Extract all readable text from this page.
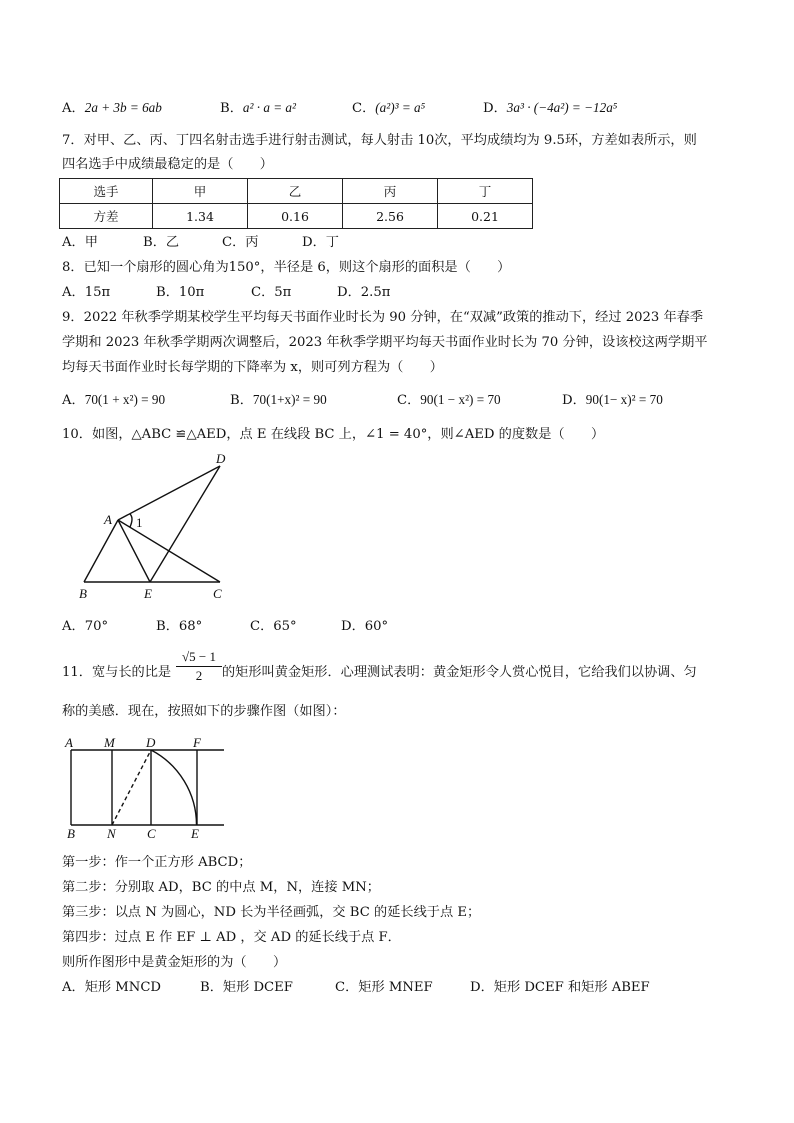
A．2a + 3b = 6ab	B．a² · a = a²	C．(a²)³ = a⁵	D．3a³ · (−4a²) = −12a⁵
7．对甲、乙、丙、丁四名射击选手进行射击测试，每人射击 10次，平均成绩均为 9.5环，方差如表所示，则
四名选手中成绩最稳定的是（　　）
选手	甲	乙	丙	丁
方差	1.34	0.16	2.56	0.21
A．甲	B．乙	C．丙	D．丁
8．已知一个扇形的圆心角为150°，半径是 6，则这个扇形的面积是（　　）
A．15π	B．10π	C．5π	D．2.5π
9．2022 年秋季学期某校学生平均每天书面作业时长为 90 分钟，在“双减”政策的推动下，经过 2023 年春季
学期和 2023 年秋季学期两次调整后，2023 年秋季学期平均每天书面作业时长为 70 分钟，设该校这两学期平
均每天书面作业时长每学期的下降率为 x，则可列方程为（　　）
A．70(1 + x²) = 90	B．70(1+x)² = 90	C．90(1 − x²) = 70	D．90(1− x)² = 70
10．如图，△ABC ≌△AED，点 E 在线段 BC 上，∠1 = 40°，则∠AED 的度数是（　　）
D
A 1
B	E	C
A．70°	B．68°	C．65°	D．60°
11．宽与长的比是 $\frac{√5 - 1}{2}$ 的矩形叫黄金矩形．心理测试表明：黄金矩形令人赏心悦目，它给我们以协调、匀
称的美感．现在，按照如下的步骤作图（如图）：
A M D	F
B N C	E
第一步：作一个正方形 ABCD；
第二步：分别取 AD，BC 的中点 M，N，连接 MN；
第三步：以点 N 为圆心，ND 长为半径画弧，交 BC 的延长线于点 E；
第四步：过点 E 作 EF ⊥ AD ，交 AD 的延长线于点 F．
则所作图形中是黄金矩形的为（　　）
A．矩形 MNCD	B．矩形 DCEF	C．矩形 MNEF	D．矩形 DCEF 和矩形 ABEF
